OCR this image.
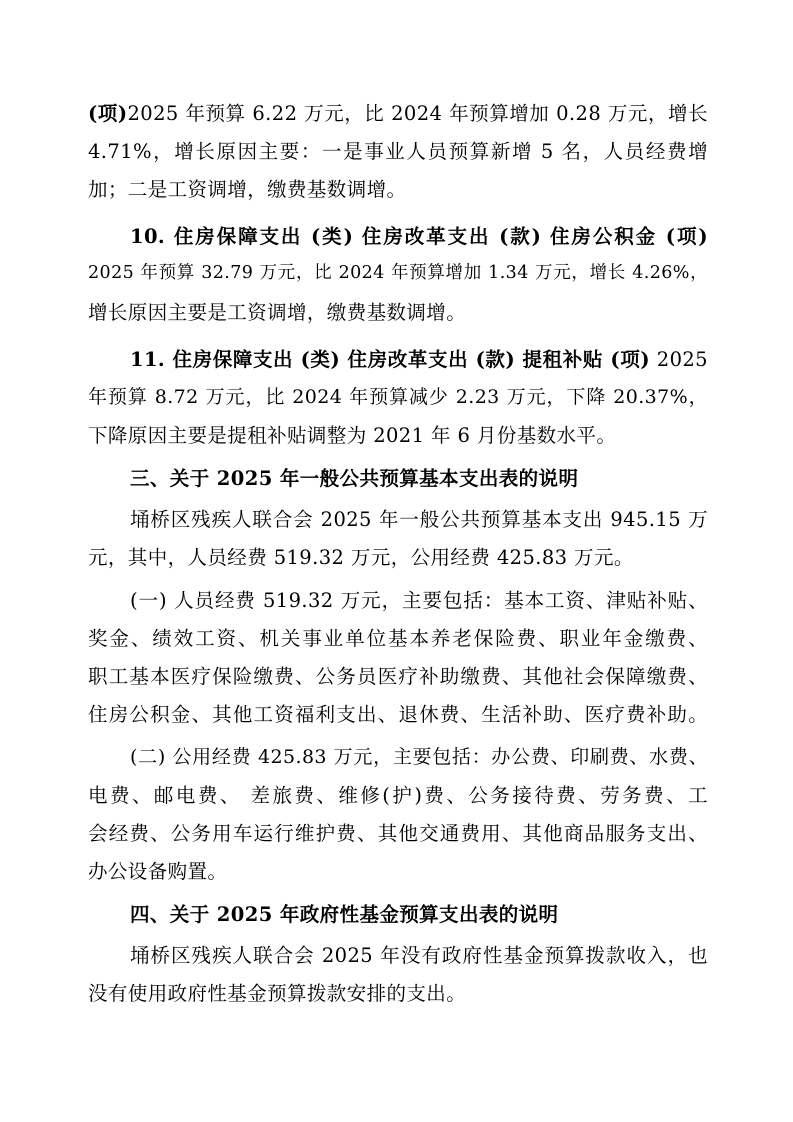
(项)2025 年预算 6.22 万元，比 2024 年预算增加 0.28 万元，增长
4.71%，增长原因主要：一是事业人员预算新增 5 名，人员经费增
加；二是工资调增，缴费基数调增。
10. 住房保障支出 (类) 住房改革支出 (款) 住房公积金 (项)
2025 年预算 32.79 万元，比 2024 年预算增加 1.34 万元，增长 4.26%，
增长原因主要是工资调增，缴费基数调增。
11. 住房保障支出 (类) 住房改革支出 (款) 提租补贴 (项) 2025
年预算 8.72 万元，比 2024 年预算减少 2.23 万元，下降 20.37%，
下降原因主要是提租补贴调整为 2021 年 6 月份基数水平。
三、关于 2025 年一般公共预算基本支出表的说明
埇桥区残疾人联合会 2025 年一般公共预算基本支出 945.15 万
元，其中，人员经费 519.32 万元，公用经费 425.83 万元。
(一) 人员经费 519.32 万元，主要包括：基本工资、津贴补贴、
奖金、绩效工资、机关事业单位基本养老保险费、职业年金缴费、
职工基本医疗保险缴费、公务员医疗补助缴费、其他社会保障缴费、
住房公积金、其他工资福利支出、退休费、生活补助、医疗费补助。
(二) 公用经费 425.83 万元，主要包括：办公费、印刷费、水费、
电费、邮电费、 差旅费、维修(护)费、公务接待费、劳务费、工
会经费、公务用车运行维护费、其他交通费用、其他商品服务支出、
办公设备购置。
四、关于 2025 年政府性基金预算支出表的说明
埇桥区残疾人联合会 2025 年没有政府性基金预算拨款收入，也
没有使用政府性基金预算拨款安排的支出。
